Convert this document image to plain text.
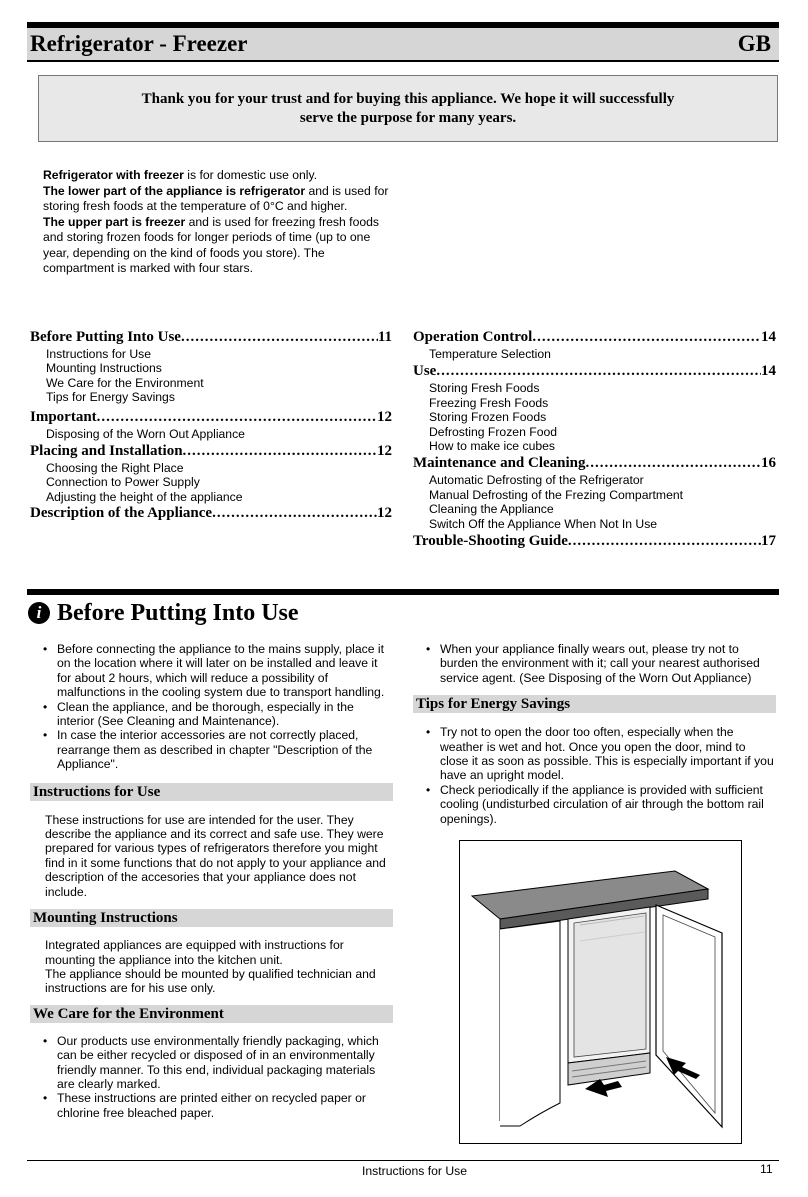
Refrigerator - Freezer	GB
Thank you for your trust and for buying this appliance. We hope it will successfully
serve the purpose for many years.
Refrigerator with freezer is for domestic use only.
The lower part of the appliance is refrigerator and is used for storing fresh foods at the temperature of 0°C and higher.
The upper part is freezer and is used for freezing fresh foods and storing frozen foods for longer periods of time (up to one year, depending on the kind of foods you store). The compartment is marked with four stars.
Before Putting Into Use .....	11
Instructions for Use
Mounting Instructions
We Care for the Environment
Tips for Energy Savings
Important .....	12
Disposing of the Worn Out Appliance
Placing and Installation .....	12
Choosing the Right Place
Connection to Power Supply
Adjusting the height of the appliance
Description of the Appliance .....	12
Operation Control .....	14
Temperature Selection
Use .....	14
Storing Fresh Foods
Freezing Fresh Foods
Storing Frozen Foods
Defrosting Frozen Food
How to make ice cubes
Maintenance and Cleaning .....	16
Automatic Defrosting of the Refrigerator
Manual Defrosting of the Frezing Compartment
Cleaning the Appliance
Switch Off the Appliance When Not In Use
Trouble-Shooting Guide .....	17
i Before Putting Into Use
• Before connecting the appliance to the mains supply, place it on the location where it will later on be installed and leave it for about 2 hours, which will reduce a possibility of malfunctions in the cooling system due to transport handling.
• Clean the appliance, and be thorough, especially in the interior (See Cleaning and Maintenance).
• In case the interior accessories are not correctly placed, rearrange them as described in chapter "Description of the Appliance".
Instructions for Use
These instructions for use are intended for the user. They describe the appliance and its correct and safe use. They were prepared for various types of refrigerators therefore you might find in it some functions that do not apply to your appliance and description of the accesories that your appliance does not include.
Mounting Instructions
Integrated appliances are equipped with instructions for mounting the appliance into the kitchen unit.
The appliance should be mounted by qualified technician and instructions are for his use only.
We Care for the Environment
• Our products use environmentally friendly packaging, which can be either recycled or disposed of in an environmentally friendly manner. To this end, individual packaging materials are clearly marked.
• These instructions are printed either on recycled paper or chlorine free bleached paper.
• When your appliance finally wears out, please try not to burden the environment with it; call your nearest authorised service agent. (See Disposing of the Worn Out Appliance)
Tips for Energy Savings
• Try not to open the door too often, especially when the weather is wet and hot. Once you open the door, mind to close it as soon as possible. This is especially important if you have an upright model.
• Check periodically if the appliance is provided with sufficient cooling (undisturbed circulation of air through the bottom rail openings).
Instructions for Use	11
